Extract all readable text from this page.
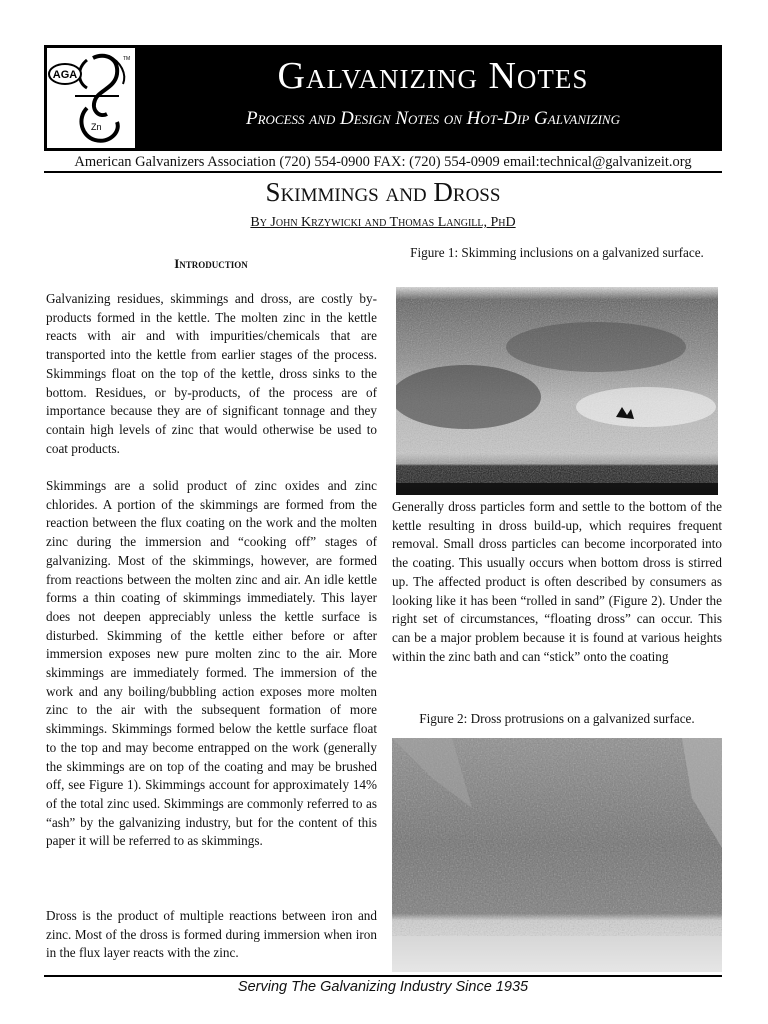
AGA
TM
Zn
Galvanizing Notes
Process and Design Notes on Hot-Dip Galvanizing
American Galvanizers Association (720) 554-0900 FAX: (720) 554-0909 email:technical@galvanizeit.org
Skimmings and Dross
By John Krzywicki and Thomas Langill, PhD
Introduction

Galvanizing residues, skimmings and dross, are costly by-products formed in the kettle. The molten zinc in the kettle reacts with air and with impurities/chemicals that are transported into the kettle from earlier stages of the process. Skimmings float on the top of the kettle, dross sinks to the bottom. Residues, or by-products, of the process are of importance because they are of significant tonnage and they contain high levels of zinc that would otherwise be used to coat products.

Skimmings are a solid product of zinc oxides and zinc chlorides. A portion of the skimmings are formed from the reaction between the flux coating on the work and the molten zinc during the immersion and “cooking off” stages of galvanizing. Most of the skimmings, however, are formed from reactions between the molten zinc and air. An idle kettle forms a thin coating of skimmings immediately. This layer does not deepen appreciably unless the kettle surface is disturbed. Skimming of the kettle either before or after immersion exposes new pure molten zinc to the air. More skimmings are immediately formed. The immersion of the work and any boiling/bubbling action exposes more molten zinc to the air with the subsequent formation of more skimmings. Skimmings formed below the kettle surface float to the top and may become entrapped on the work (generally the skimmings are on top of the coating and may be brushed off, see Figure 1). Skimmings account for approximately 14% of the total zinc used. Skimmings are commonly referred to as “ash” by the galvanizing industry, but for the content of this paper it will be referred to as skimmings.

Dross is the product of multiple reactions between iron and zinc. Most of the dross is formed during immersion when iron in the flux layer reacts with the zinc.

Figure 1: Skimming inclusions on a galvanized surface.

Generally dross particles form and settle to the bottom of the kettle resulting in dross build-up, which requires frequent removal. Small dross particles can become incorporated into the coating. This usually occurs when bottom dross is stirred up. The affected product is often described by consumers as looking like it has been “rolled in sand” (Figure 2). Under the right set of circumstances, “floating dross” can occur. This can be a major problem because it is found at various heights within the zinc bath and can “stick” onto the coating

Figure 2: Dross protrusions on a galvanized surface.

Serving The Galvanizing Industry Since 1935
